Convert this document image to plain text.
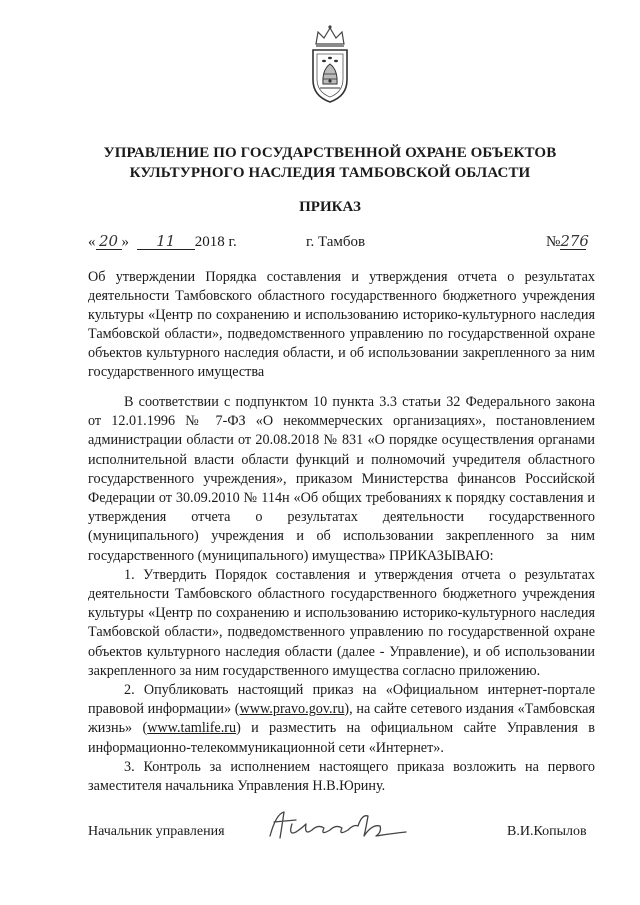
УПРАВЛЕНИЕ ПО ГОСУДАРСТВЕННОЙ ОХРАНЕ ОБЪЕКТОВ
КУЛЬТУРНОГО НАСЛЕДИЯ ТАМБОВСКОЙ ОБЛАСТИ
ПРИКАЗ
« 20 » 11 2018 г.	г. Тамбов	№276
Об утверждении Порядка составления и утверждения отчета о результатах деятельности Тамбовского областного государственного бюджетного учреждения культуры «Центр по сохранению и использованию историко-культурного наследия Тамбовской области», подведомственного управлению по государственной охране объектов культурного наследия области, и об использовании закрепленного за ним государственного имущества

В соответствии с подпунктом 10 пункта 3.3 статьи 32 Федерального закона от 12.01.1996 № 7-ФЗ «О некоммерческих организациях», постановлением администрации области от 20.08.2018 № 831 «О порядке осуществления органами исполнительной власти области функций и полномочий учредителя областного государственного учреждения», приказом Министерства финансов Российской Федерации от 30.09.2010 № 114н «Об общих требованиях к порядку составления и утверждения отчета о результатах деятельности государственного (муниципального) учреждения и об использовании закрепленного за ним государственного (муниципального) имущества» ПРИКАЗЫВАЮ:

1. Утвердить Порядок составления и утверждения отчета о результатах деятельности Тамбовского областного государственного бюджетного учреждения культуры «Центр по сохранению и использованию историко-культурного наследия Тамбовской области», подведомственного управлению по государственной охране объектов культурного наследия области (далее - Управление), и об использовании закрепленного за ним государственного имущества согласно приложению.

2. Опубликовать настоящий приказ на «Официальном интернет-портале правовой информации» (www.pravo.gov.ru), на сайте сетевого издания «Тамбовская жизнь» (www.tamlife.ru) и разместить на официальном сайте Управления в информационно-телекоммуникационной сети «Интернет».

3. Контроль за исполнением настоящего приказа возложить на первого заместителя начальника Управления Н.В.Юрину.

Начальник управления	В.И.Копылов
